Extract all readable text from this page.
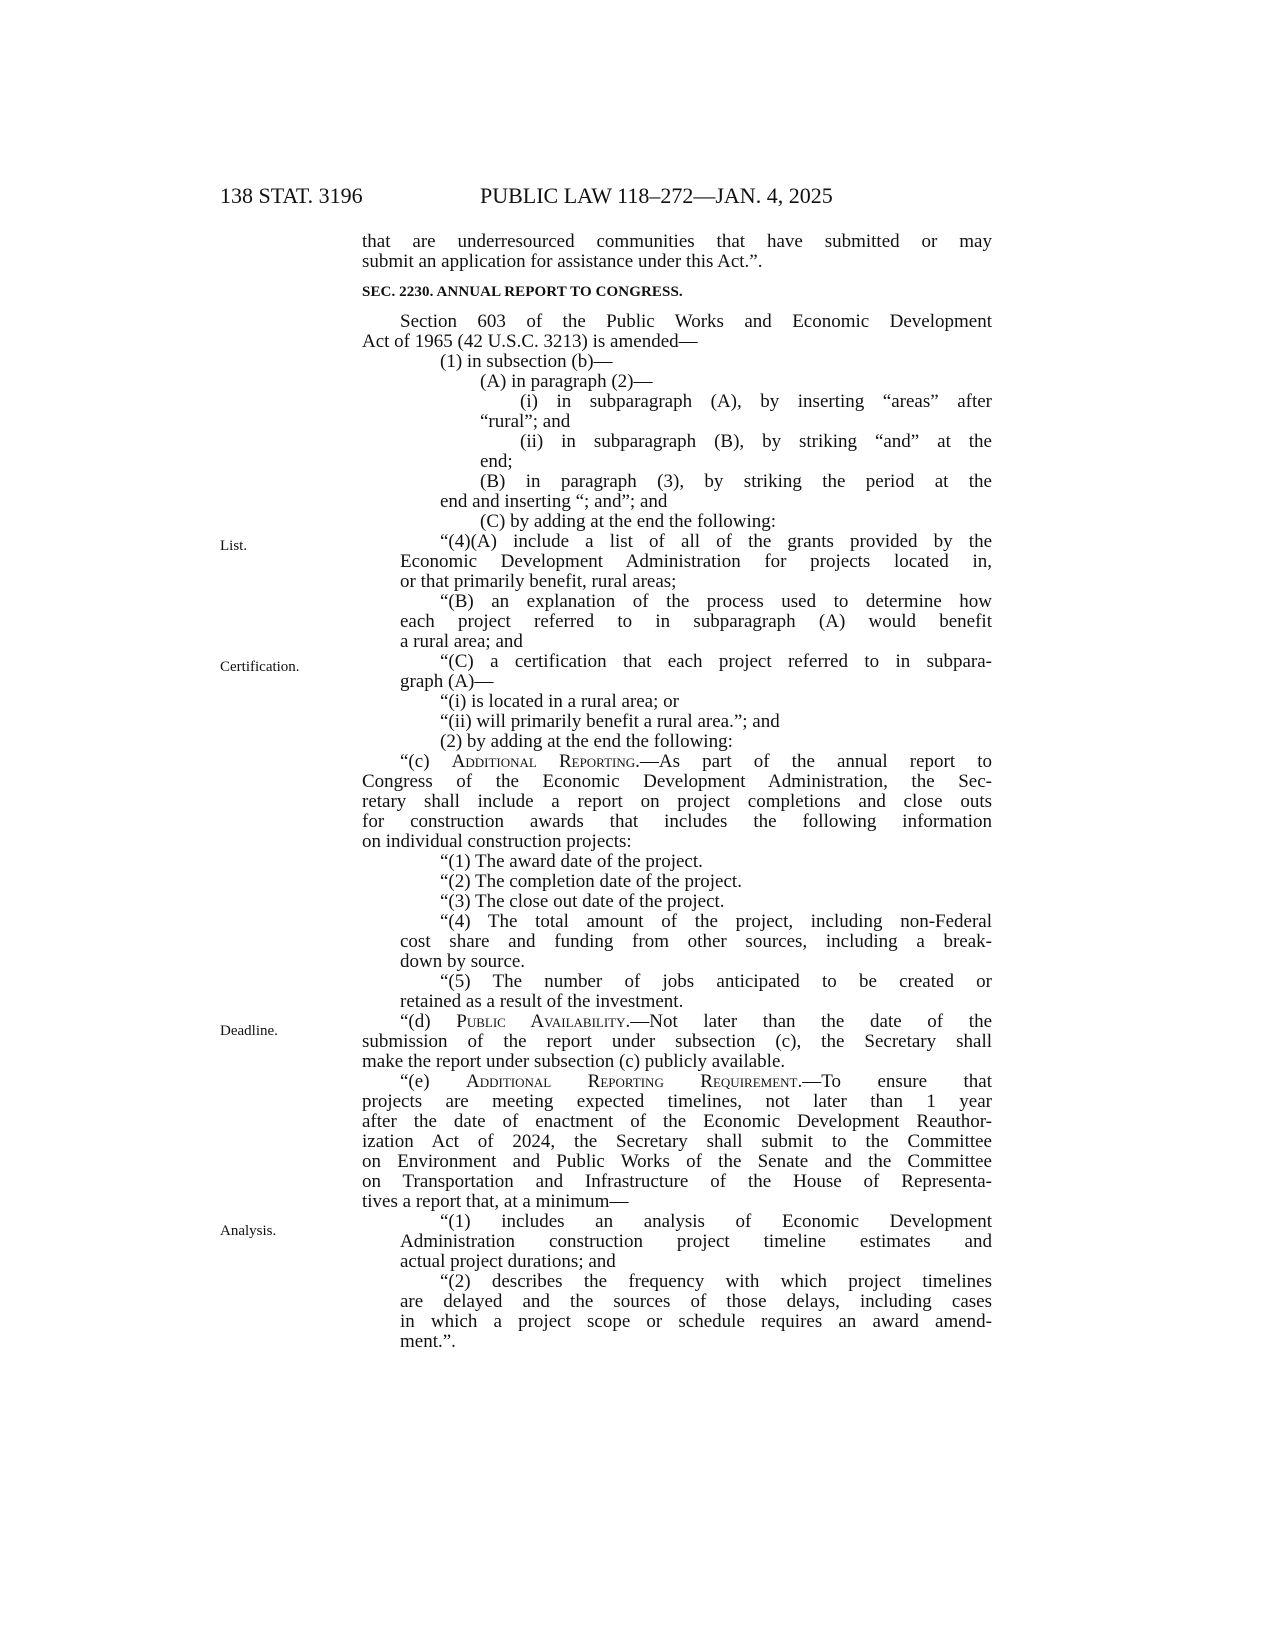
138 STAT. 3196	PUBLIC LAW 118–272—JAN. 4, 2025
List.
Certification.
Deadline.
Analysis.
that are underresourced communities that have submitted or may
submit an application for assistance under this Act.”.
SEC. 2230. ANNUAL REPORT TO CONGRESS.
Section 603 of the Public Works and Economic Development
Act of 1965 (42 U.S.C. 3213) is amended—
(1) in subsection (b)—
(A) in paragraph (2)—
(i) in subparagraph (A), by inserting “areas” after
“rural”; and
(ii) in subparagraph (B), by striking “and” at the
end;
(B) in paragraph (3), by striking the period at the
end and inserting “; and”; and
(C) by adding at the end the following:
“(4)(A) include a list of all of the grants provided by the
Economic Development Administration for projects located in,
or that primarily benefit, rural areas;
“(B) an explanation of the process used to determine how
each project referred to in subparagraph (A) would benefit
a rural area; and
“(C) a certification that each project referred to in subpara-
graph (A)—
“(i) is located in a rural area; or
“(ii) will primarily benefit a rural area.”; and
(2) by adding at the end the following:
“(c) Additional Reporting.—As part of the annual report to
Congress of the Economic Development Administration, the Sec-
retary shall include a report on project completions and close outs
for construction awards that includes the following information
on individual construction projects:
“(1) The award date of the project.
“(2) The completion date of the project.
“(3) The close out date of the project.
“(4) The total amount of the project, including non-Federal
cost share and funding from other sources, including a break-
down by source.
“(5) The number of jobs anticipated to be created or
retained as a result of the investment.
“(d) Public Availability.—Not later than the date of the
submission of the report under subsection (c), the Secretary shall
make the report under subsection (c) publicly available.
“(e) Additional Reporting Requirement.—To ensure that
projects are meeting expected timelines, not later than 1 year
after the date of enactment of the Economic Development Reauthor-
ization Act of 2024, the Secretary shall submit to the Committee
on Environment and Public Works of the Senate and the Committee
on Transportation and Infrastructure of the House of Representa-
tives a report that, at a minimum—
“(1) includes an analysis of Economic Development
Administration construction project timeline estimates and
actual project durations; and
“(2) describes the frequency with which project timelines
are delayed and the sources of those delays, including cases
in which a project scope or schedule requires an award amend-
ment.”.
